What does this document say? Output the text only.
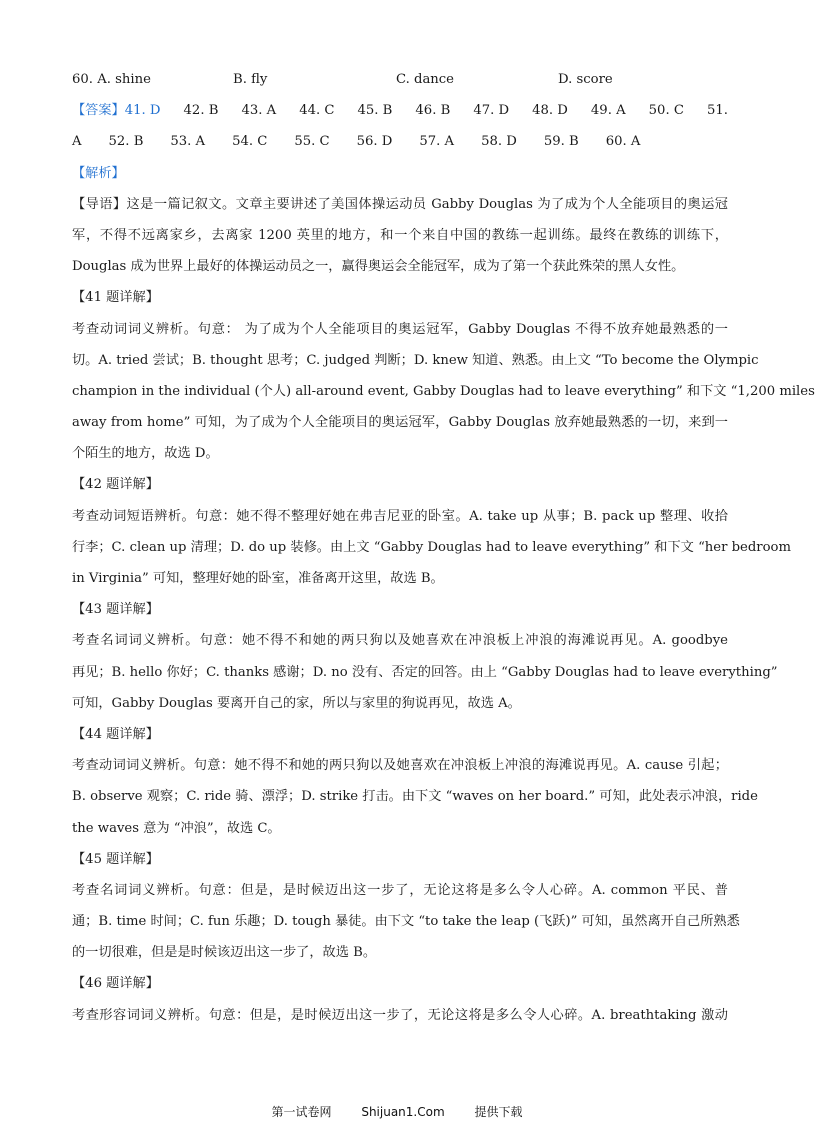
60. A. shine	B. fly	C. dance	D. score
【答案】41. D 42. B 43. A 44. C 45. B 46. B 47. D 48. D 49. A 50. C 51.
A 52. B 53. A 54. C 55. C 56. D 57. A 58. D 59. B 60. A
【解析】
【导语】这是一篇记叙文。文章主要讲述了美国体操运动员 Gabby Douglas 为了成为个人全能项目的奥运冠
军，不得不远离家乡，去离家 1200 英里的地方，和一个来自中国的教练一起训练。最终在教练的训练下，
Douglas 成为世界上最好的体操运动员之一，赢得奥运会全能冠军，成为了第一个获此殊荣的黑人女性。
【41 题详解】
考查动词词义辨析。句意： 为了成为个人全能项目的奥运冠军，Gabby Douglas 不得不放弃她最熟悉的一
切。A. tried 尝试；B. thought 思考；C. judged 判断；D. knew 知道、熟悉。由上文 “To become the Olympic
champion in the individual (个人) all-around event, Gabby Douglas had to leave everything” 和下文 “1,200 miles
away from home” 可知，为了成为个人全能项目的奥运冠军，Gabby Douglas 放弃她最熟悉的一切，来到一
个陌生的地方，故选 D。
【42 题详解】
考查动词短语辨析。句意：她不得不整理好她在弗吉尼亚的卧室。A. take up 从事；B. pack up 整理、收拾
行李；C. clean up 清理；D. do up 装修。由上文 “Gabby Douglas had to leave everything” 和下文 “her bedroom
in Virginia” 可知，整理好她的卧室，准备离开这里，故选 B。
【43 题详解】
考查名词词义辨析。句意：她不得不和她的两只狗以及她喜欢在冲浪板上冲浪的海滩说再见。A. goodbye
再见；B. hello 你好；C. thanks 感谢；D. no 没有、否定的回答。由上 “Gabby Douglas had to leave everything”
可知，Gabby Douglas 要离开自己的家，所以与家里的狗说再见，故选 A。
【44 题详解】
考查动词词义辨析。句意：她不得不和她的两只狗以及她喜欢在冲浪板上冲浪的海滩说再见。A. cause 引起；
B. observe 观察；C. ride 骑、漂浮；D. strike 打击。由下文 “waves on her board.” 可知，此处表示冲浪，ride
the waves 意为 “冲浪”，故选 C。
【45 题详解】
考查名词词义辨析。句意：但是，是时候迈出这一步了，无论这将是多么令人心碎。A. common 平民、普
通；B. time 时间；C. fun 乐趣；D. tough 暴徒。由下文 “to take the leap (飞跃)” 可知，虽然离开自己所熟悉
的一切很难，但是是时候该迈出这一步了，故选 B。
【46 题详解】
考查形容词词义辨析。句意：但是，是时候迈出这一步了，无论这将是多么令人心碎。A. breathtaking 激动
第一试卷网 Shijuan1.Com 提供下载
